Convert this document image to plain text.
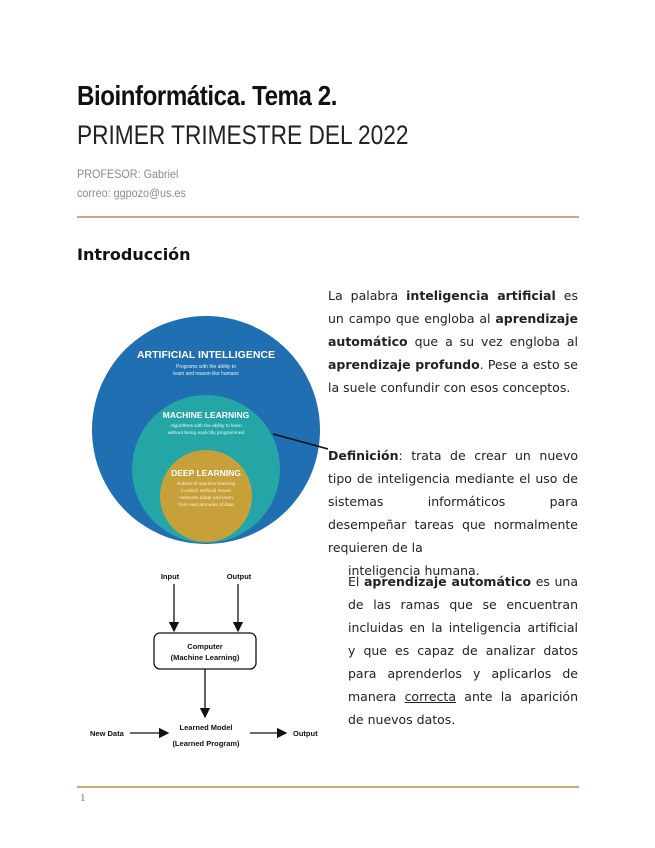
Bioinformática. Tema 2.
PRIMER TRIMESTRE DEL 2022
PROFESOR: Gabriel
correo: ggpozo@us.es
Introducción
ARTIFICIAL INTELLIGENCE
Programs with the ability to
learn and reason like humans
MACHINE LEARNING
Algorithms with the ability to learn
without being explicitly programmed
DEEP LEARNING
Subset of machine learning
in which artificial neural
networks adapt and learn
from vast amounts of data
Input	Output
Computer
(Machine Learning)
New Data
Learned Model
(Learned Program)
Output

La palabra inteligencia artificial es un campo que engloba al aprendizaje automático que a su vez engloba al aprendizaje profundo. Pese a esto se la suele confundir con esos conceptos.

Definición: trata de crear un nuevo tipo de inteligencia mediante el uso de sistemas informáticos para desempeñar tareas que normalmente requieren de la
inteligencia humana.

El aprendizaje automático es una de las ramas que se encuentran incluidas en la inteligencia artificial y que es capaz de analizar datos para aprenderlos y aplicarlos de manera correcta ante la aparición de nuevos datos.

1
